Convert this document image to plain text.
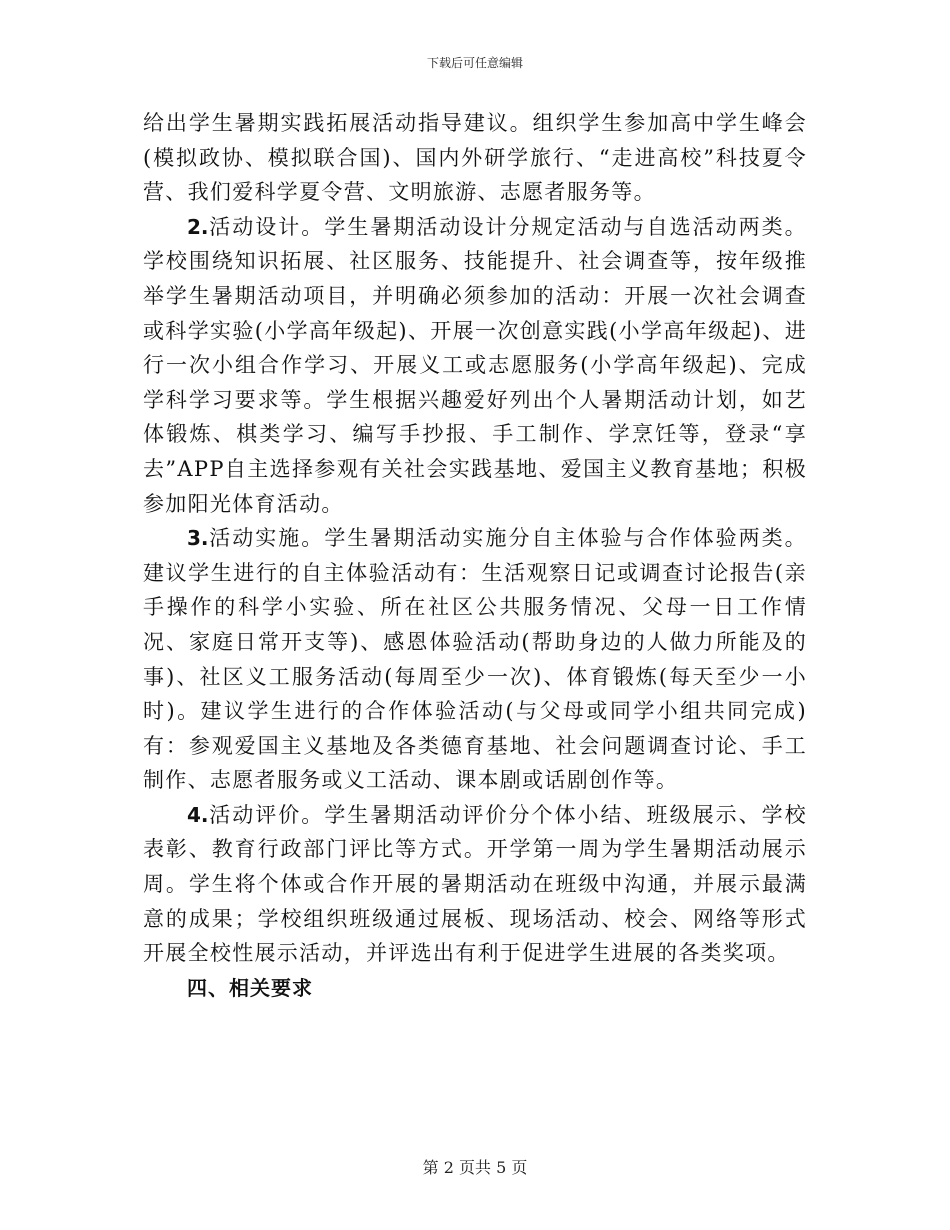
下载后可任意编辑

给出学生暑期实践拓展活动指导建议。组织学生参加高中学生峰会(模拟政协、模拟联合国)、国内外研学旅行、“走进高校”科技夏令营、我们爱科学夏令营、文明旅游、志愿者服务等。

2.活动设计。学生暑期活动设计分规定活动与自选活动两类。学校围绕知识拓展、社区服务、技能提升、社会调查等，按年级推举学生暑期活动项目，并明确必须参加的活动：开展一次社会调查或科学实验(小学高年级起)、开展一次创意实践(小学高年级起)、进行一次小组合作学习、开展义工或志愿服务(小学高年级起)、完成学科学习要求等。学生根据兴趣爱好列出个人暑期活动计划，如艺体锻炼、棋类学习、编写手抄报、手工制作、学烹饪等，登录“享去”APP自主选择参观有关社会实践基地、爱国主义教育基地；积极参加阳光体育活动。

3.活动实施。学生暑期活动实施分自主体验与合作体验两类。建议学生进行的自主体验活动有：生活观察日记或调查讨论报告(亲手操作的科学小实验、所在社区公共服务情况、父母一日工作情况、家庭日常开支等)、感恩体验活动(帮助身边的人做力所能及的事)、社区义工服务活动(每周至少一次)、体育锻炼(每天至少一小时)。建议学生进行的合作体验活动(与父母或同学小组共同完成)有：参观爱国主义基地及各类德育基地、社会问题调查讨论、手工制作、志愿者服务或义工活动、课本剧或话剧创作等。

4.活动评价。学生暑期活动评价分个体小结、班级展示、学校表彰、教育行政部门评比等方式。开学第一周为学生暑期活动展示周。学生将个体或合作开展的暑期活动在班级中沟通，并展示最满意的成果；学校组织班级通过展板、现场活动、校会、网络等形式开展全校性展示活动，并评选出有利于促进学生进展的各类奖项。

四、相关要求

第 2 页共 5 页
